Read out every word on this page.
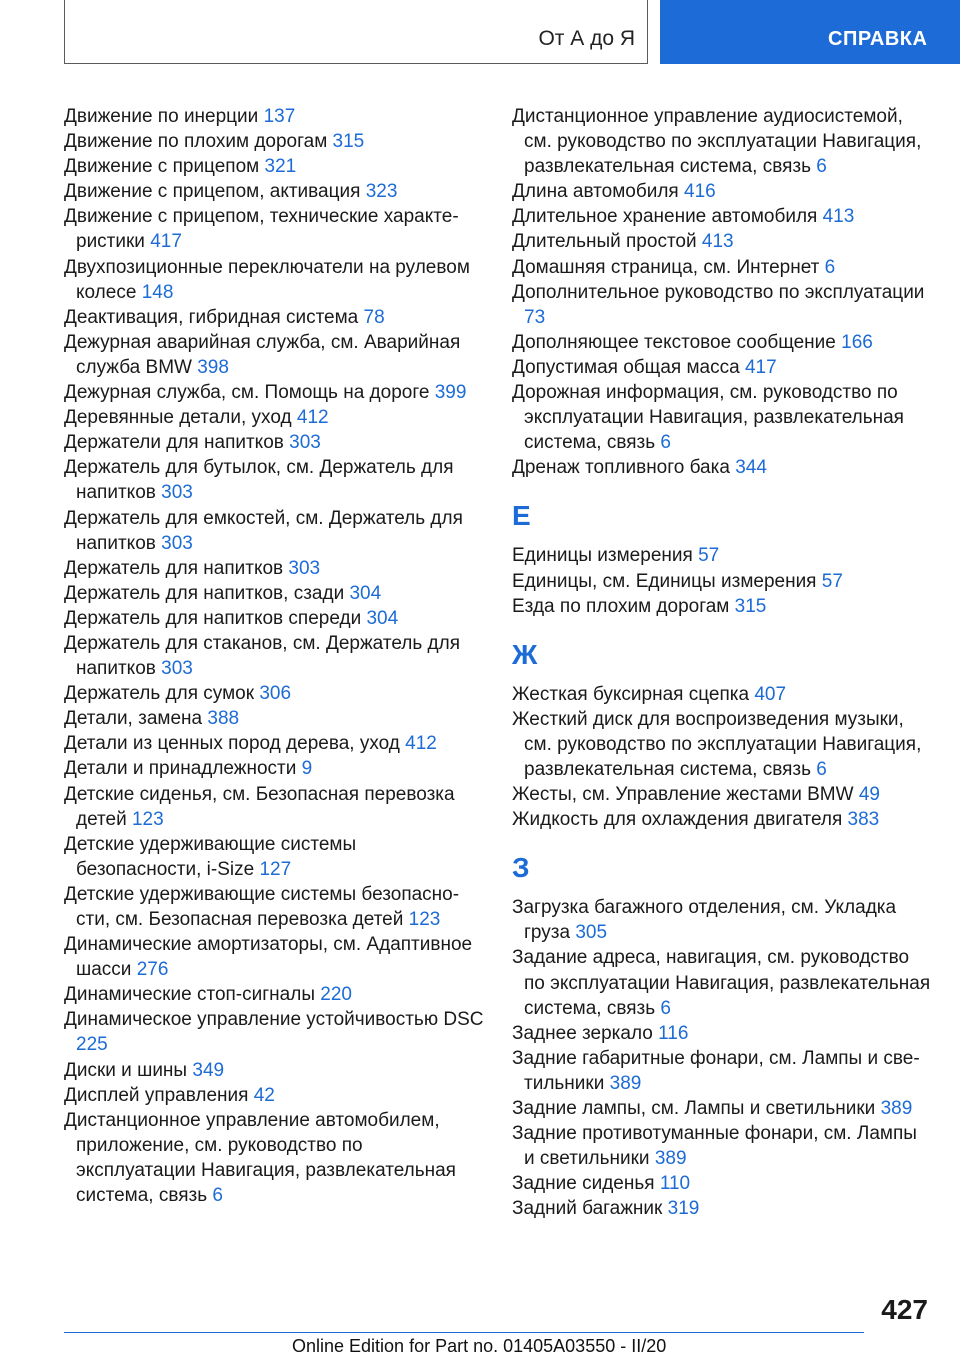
От А до Я	СПРАВКА
Движение по инерции 137
Движение по плохим дорогам 315
Движение с прицепом 321
Движение с прицепом, активация 323
Движение с прицепом, технические характеристики 417
Двухпозиционные переключатели на рулевом колесе 148
Деактивация, гибридная система 78
Дежурная аварийная служба, см. Аварийная служба BMW 398
Дежурная служба, см. Помощь на дороге 399
Деревянные детали, уход 412
Держатели для напитков 303
Держатель для бутылок, см. Держатель для напитков 303
Держатель для емкостей, см. Держатель для напитков 303
Держатель для напитков 303
Держатель для напитков, сзади 304
Держатель для напитков спереди 304
Держатель для стаканов, см. Держатель для напитков 303
Держатель для сумок 306
Детали, замена 388
Детали из ценных пород дерева, уход 412
Детали и принадлежности 9
Детские сиденья, см. Безопасная перевозка детей 123
Детские удерживающие системы безопасности, i-Size 127
Детские удерживающие системы безопасности, см. Безопасная перевозка детей 123
Динамические амортизаторы, см. Адаптивное шасси 276
Динамические стоп-сигналы 220
Динамическое управление устойчивостью DSC 225
Диски и шины 349
Дисплей управления 42
Дистанционное управление автомобилем, приложение, см. руководство по эксплуатации Навигация, развлекательная система, связь 6
Дистанционное управление аудиосистемой, см. руководство по эксплуатации Навигация, развлекательная система, связь 6
Длина автомобиля 416
Длительное хранение автомобиля 413
Длительный простой 413
Домашняя страница, см. Интернет 6
Дополнительное руководство по эксплуатации 73
Дополняющее текстовое сообщение 166
Допустимая общая масса 417
Дорожная информация, см. руководство по эксплуатации Навигация, развлекательная система, связь 6
Дренаж топливного бака 344
Е
Единицы измерения 57
Единицы, см. Единицы измерения 57
Езда по плохим дорогам 315
Ж
Жесткая буксирная сцепка 407
Жесткий диск для воспроизведения музыки, см. руководство по эксплуатации Навигация, развлекательная система, связь 6
Жесты, см. Управление жестами BMW 49
Жидкость для охлаждения двигателя 383
З
Загрузка багажного отделения, см. Укладка груза 305
Задание адреса, навигация, см. руководство по эксплуатации Навигация, развлекательная система, связь 6
Заднее зеркало 116
Задние габаритные фонари, см. Лампы и светильники 389
Задние лампы, см. Лампы и светильники 389
Задние противотуманные фонари, см. Лампы и светильники 389
Задние сиденья 110
Задний багажник 319
427
Online Edition for Part no. 01405A03550 - II/20
